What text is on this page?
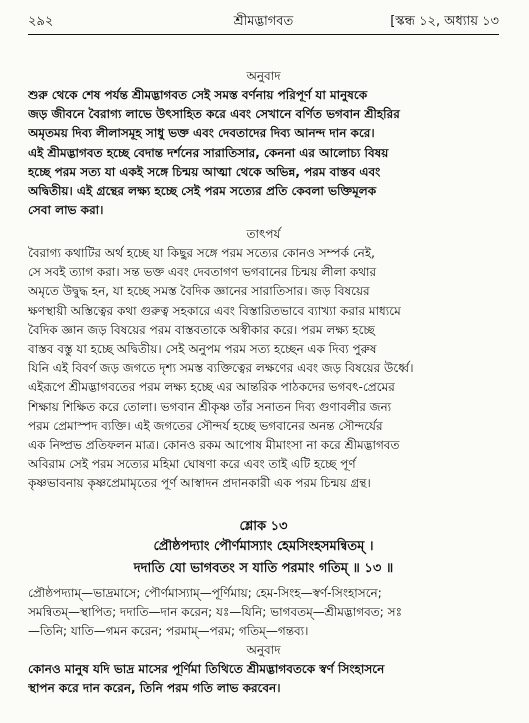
২৯২	শ্রীমদ্ভাগবত	[স্কন্ধ ১২, অধ্যায় ১৩
অনুবাদ
শুরু থেকে শেষ পর্যন্ত শ্রীমদ্ভাগবত সেই সমস্ত বর্ণনায় পরিপূর্ণ যা মানুষকে
জড় জীবনে বৈরাগ্য লাভে উৎসাহিত করে এবং সেখানে বর্ণিত ভগবান শ্রীহরির
অমৃতময় দিব্য লীলাসমূহ সাধু ভক্ত এবং দেবতাদের দিব্য আনন্দ দান করে।
এই শ্রীমদ্ভাগবত হচ্ছে বেদান্ত দর্শনের সারাতিসার, কেননা এর আলোচ্য বিষয়
হচ্ছে পরম সত্য যা একই সঙ্গে চিন্ময় আত্মা থেকে অভিন্ন, পরম বাস্তব এবং
অদ্বিতীয়। এই গ্রন্থের লক্ষ্য হচ্ছে সেই পরম সত্যের প্রতি কেবলা ভক্তিমূলক
সেবা লাভ করা।
তাৎপর্য
বৈরাগ্য কথাটির অর্থ হচ্ছে যা কিছুর সঙ্গে পরম সত্যের কোনও সম্পর্ক নেই,
সে সবই ত্যাগ করা। সন্ত ভক্ত এবং দেবতাগণ ভগবানের চিন্ময় লীলা কথার
অমৃতে উদ্বুদ্ধ হন, যা হচ্ছে সমস্ত বৈদিক জ্ঞানের সারাতিসার। জড় বিষয়ের
ক্ষণস্থায়ী অস্তিত্বের কথা গুরুত্ব সহকারে এবং বিস্তারিতভাবে ব্যাখ্যা করার মাধ্যমে
বৈদিক জ্ঞান জড় বিষয়ের পরম বাস্তবতাকে অস্বীকার করে। পরম লক্ষ্য হচ্ছে
বাস্তব বস্তু যা হচ্ছে অদ্বিতীয়। সেই অনুপম পরম সত্য হচ্ছেন এক দিব্য পুরুষ
যিনি এই বিবর্ণ জড় জগতে দৃশ্য সমস্ত ব্যক্তিত্বের লক্ষণের এবং জড় বিষয়ের উর্ধ্বে।
এইরূপে শ্রীমদ্ভাগবতের পরম লক্ষ্য হচ্ছে এর আন্তরিক পাঠকদের ভগবৎ-প্রেমের
শিক্ষায় শিক্ষিত করে তোলা। ভগবান শ্রীকৃষ্ণ তাঁর সনাতন দিব্য গুণাবলীর জন্য
পরম প্রেমাস্পদ ব্যক্তি। এই জগতের সৌন্দর্য হচ্ছে ভগবানের অনন্ত সৌন্দর্যের
এক নিষ্প্রভ প্রতিফলন মাত্র। কোনও রকম আপোষ মীমাংসা না করে শ্রীমদ্ভাগবত
অবিরাম সেই পরম সত্যের মহিমা ঘোষণা করে এবং তাই এটি হচ্ছে পূর্ণ
কৃষ্ণভাবনায় কৃষ্ণপ্রেমামৃতের পূর্ণ আস্বাদন প্রদানকারী এক পরম চিন্ময় গ্রন্থ।
শ্লোক ১৩
প্রৌষ্ঠপদ্যাং পৌর্ণমাস্যাং হেমসিংহসমন্বিতম্ ।
দদাতি যো ভাগবতং স যাতি পরমাং গতিম্ ॥ ১৩ ॥
প্রৌষ্ঠপদ্যাম্—ভাদ্রমাসে; পৌর্ণমাস্যাম্—পূর্ণিমায়; হেম-সিংহ—স্বর্ণ-সিংহাসনে;
সমন্বিতম্—স্থাপিত; দদাতি—দান করেন; যঃ—যিনি; ভাগবতম্—শ্রীমদ্ভাগবত; সঃ
—তিনি; যাতি—গমন করেন; পরমাম্—পরম; গতিম্—গন্তব্য।
অনুবাদ
কোনও মানুষ যদি ভাদ্র মাসের পূর্ণিমা তিথিতে শ্রীমদ্ভাগবতকে স্বর্ণ সিংহাসনে
স্থাপন করে দান করেন, তিনি পরম গতি লাভ করবেন।
